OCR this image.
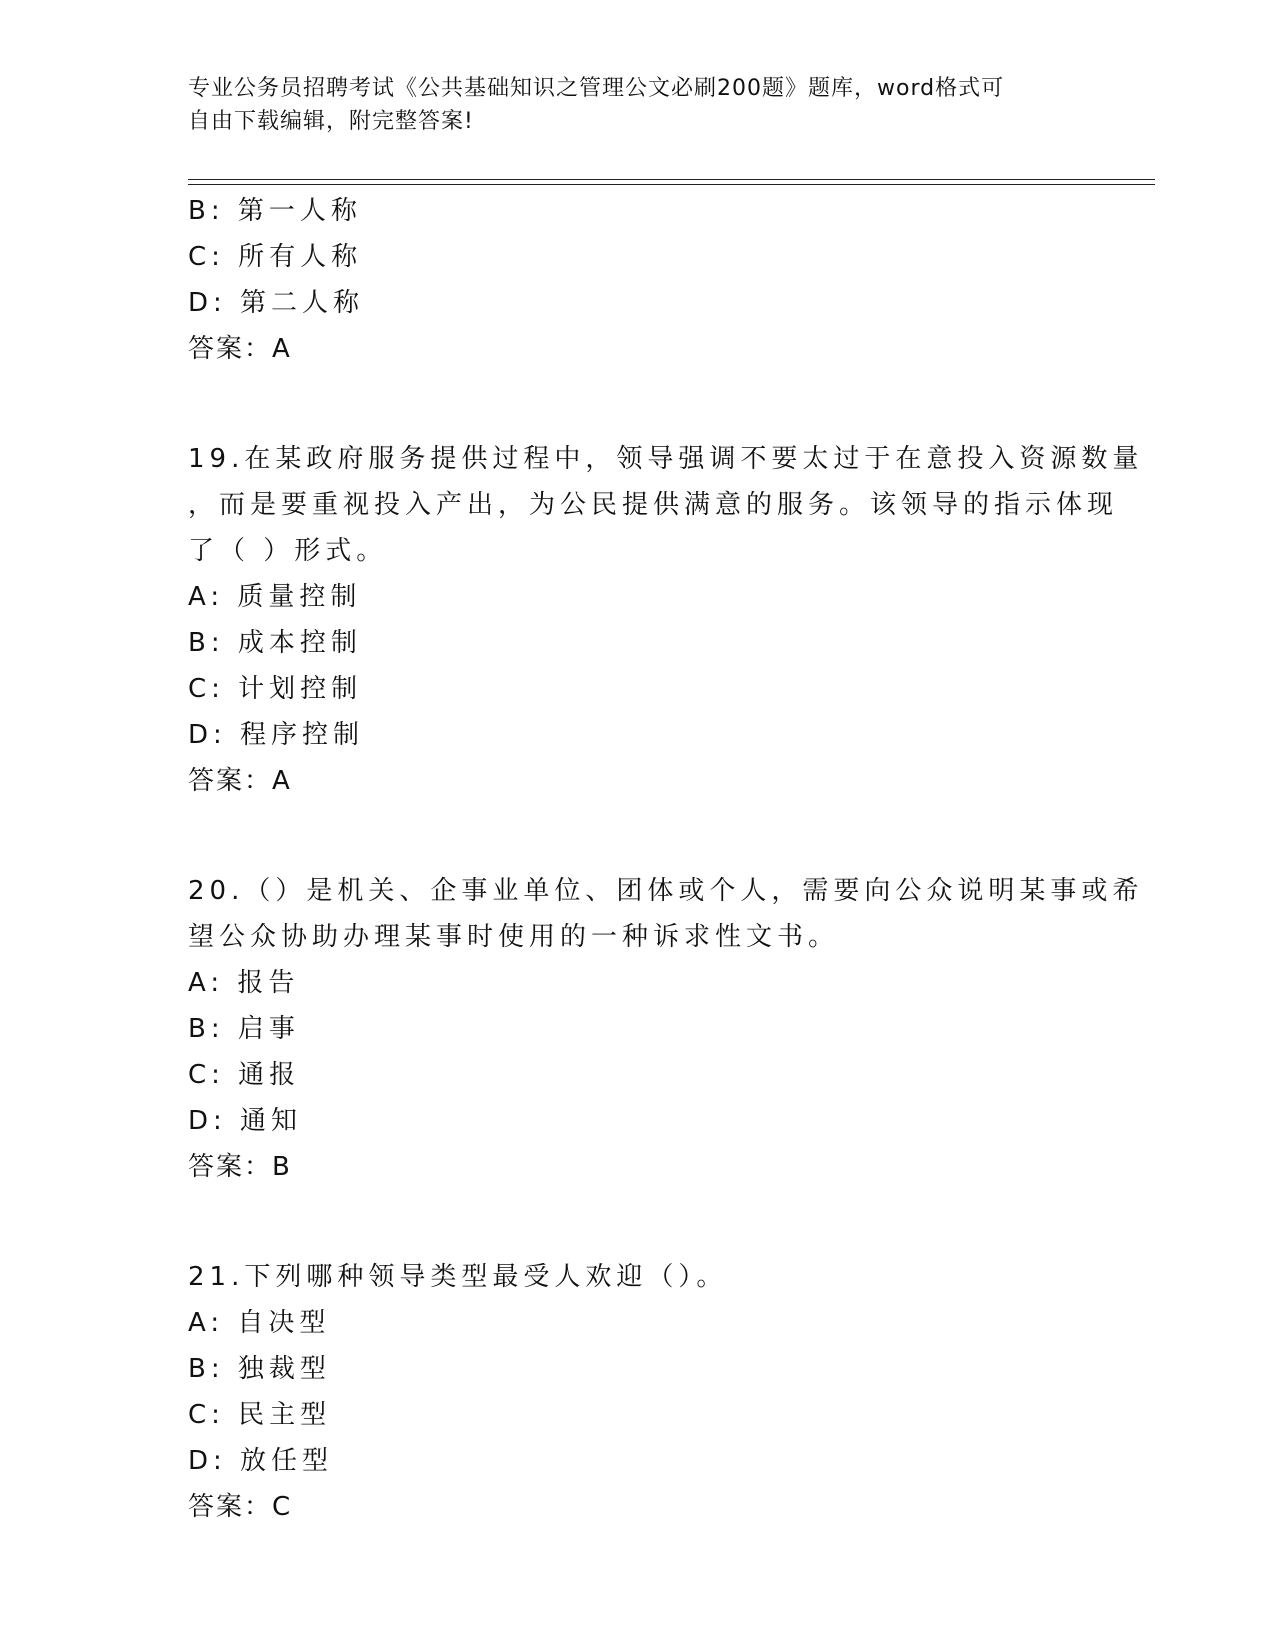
专业公务员招聘考试《公共基础知识之管理公文必刷200题》题库，word格式可
自由下载编辑，附完整答案!
B: 第一人称
C: 所有人称
D: 第二人称
答案：A
19.在某政府服务提供过程中，领导强调不要太过于在意投入资源数量
，而是要重视投入产出，为公民提供满意的服务。该领导的指示体现
了（ ）形式。
A: 质量控制
B: 成本控制
C: 计划控制
D: 程序控制
答案：A
20.（）是机关、企事业单位、团体或个人，需要向公众说明某事或希
望公众协助办理某事时使用的一种诉求性文书。
A: 报告
B: 启事
C: 通报
D: 通知
答案：B
21.下列哪种领导类型最受人欢迎（）。
A: 自决型
B: 独裁型
C: 民主型
D: 放任型
答案：C
